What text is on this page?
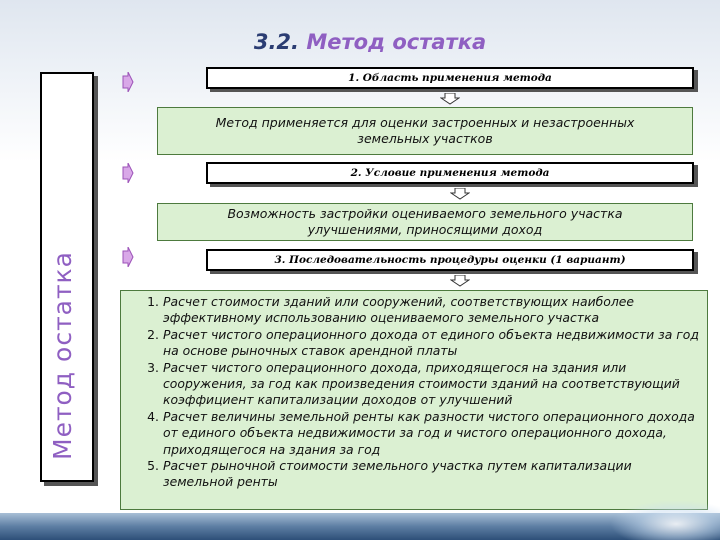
3.2. Метод остатка
Метод остатка
1. Область применения метода
Метод применяется для оценки застроенных и незастроенных земельных участков
2. Условие применения метода
Возможность застройки оцениваемого земельного участка улучшениями, приносящими доход
3. Последовательность процедуры оценки (1 вариант)
1. Расчет стоимости зданий или сооружений, соответствующих наиболее эффективному использованию оцениваемого земельного участка
2. Расчет чистого операционного дохода от единого объекта недвижимости за год на основе рыночных ставок арендной платы
3. Расчет чистого операционного дохода, приходящегося на здания или сооружения, за год как произведения стоимости зданий на соответствующий коэффициент капитализации доходов от улучшений
4. Расчет величины земельной ренты как разности чистого операционного дохода от единого объекта недвижимости за год и чистого операционного дохода, приходящегося на здания за год
5. Расчет рыночной стоимости земельного участка путем капитализации земельной ренты
